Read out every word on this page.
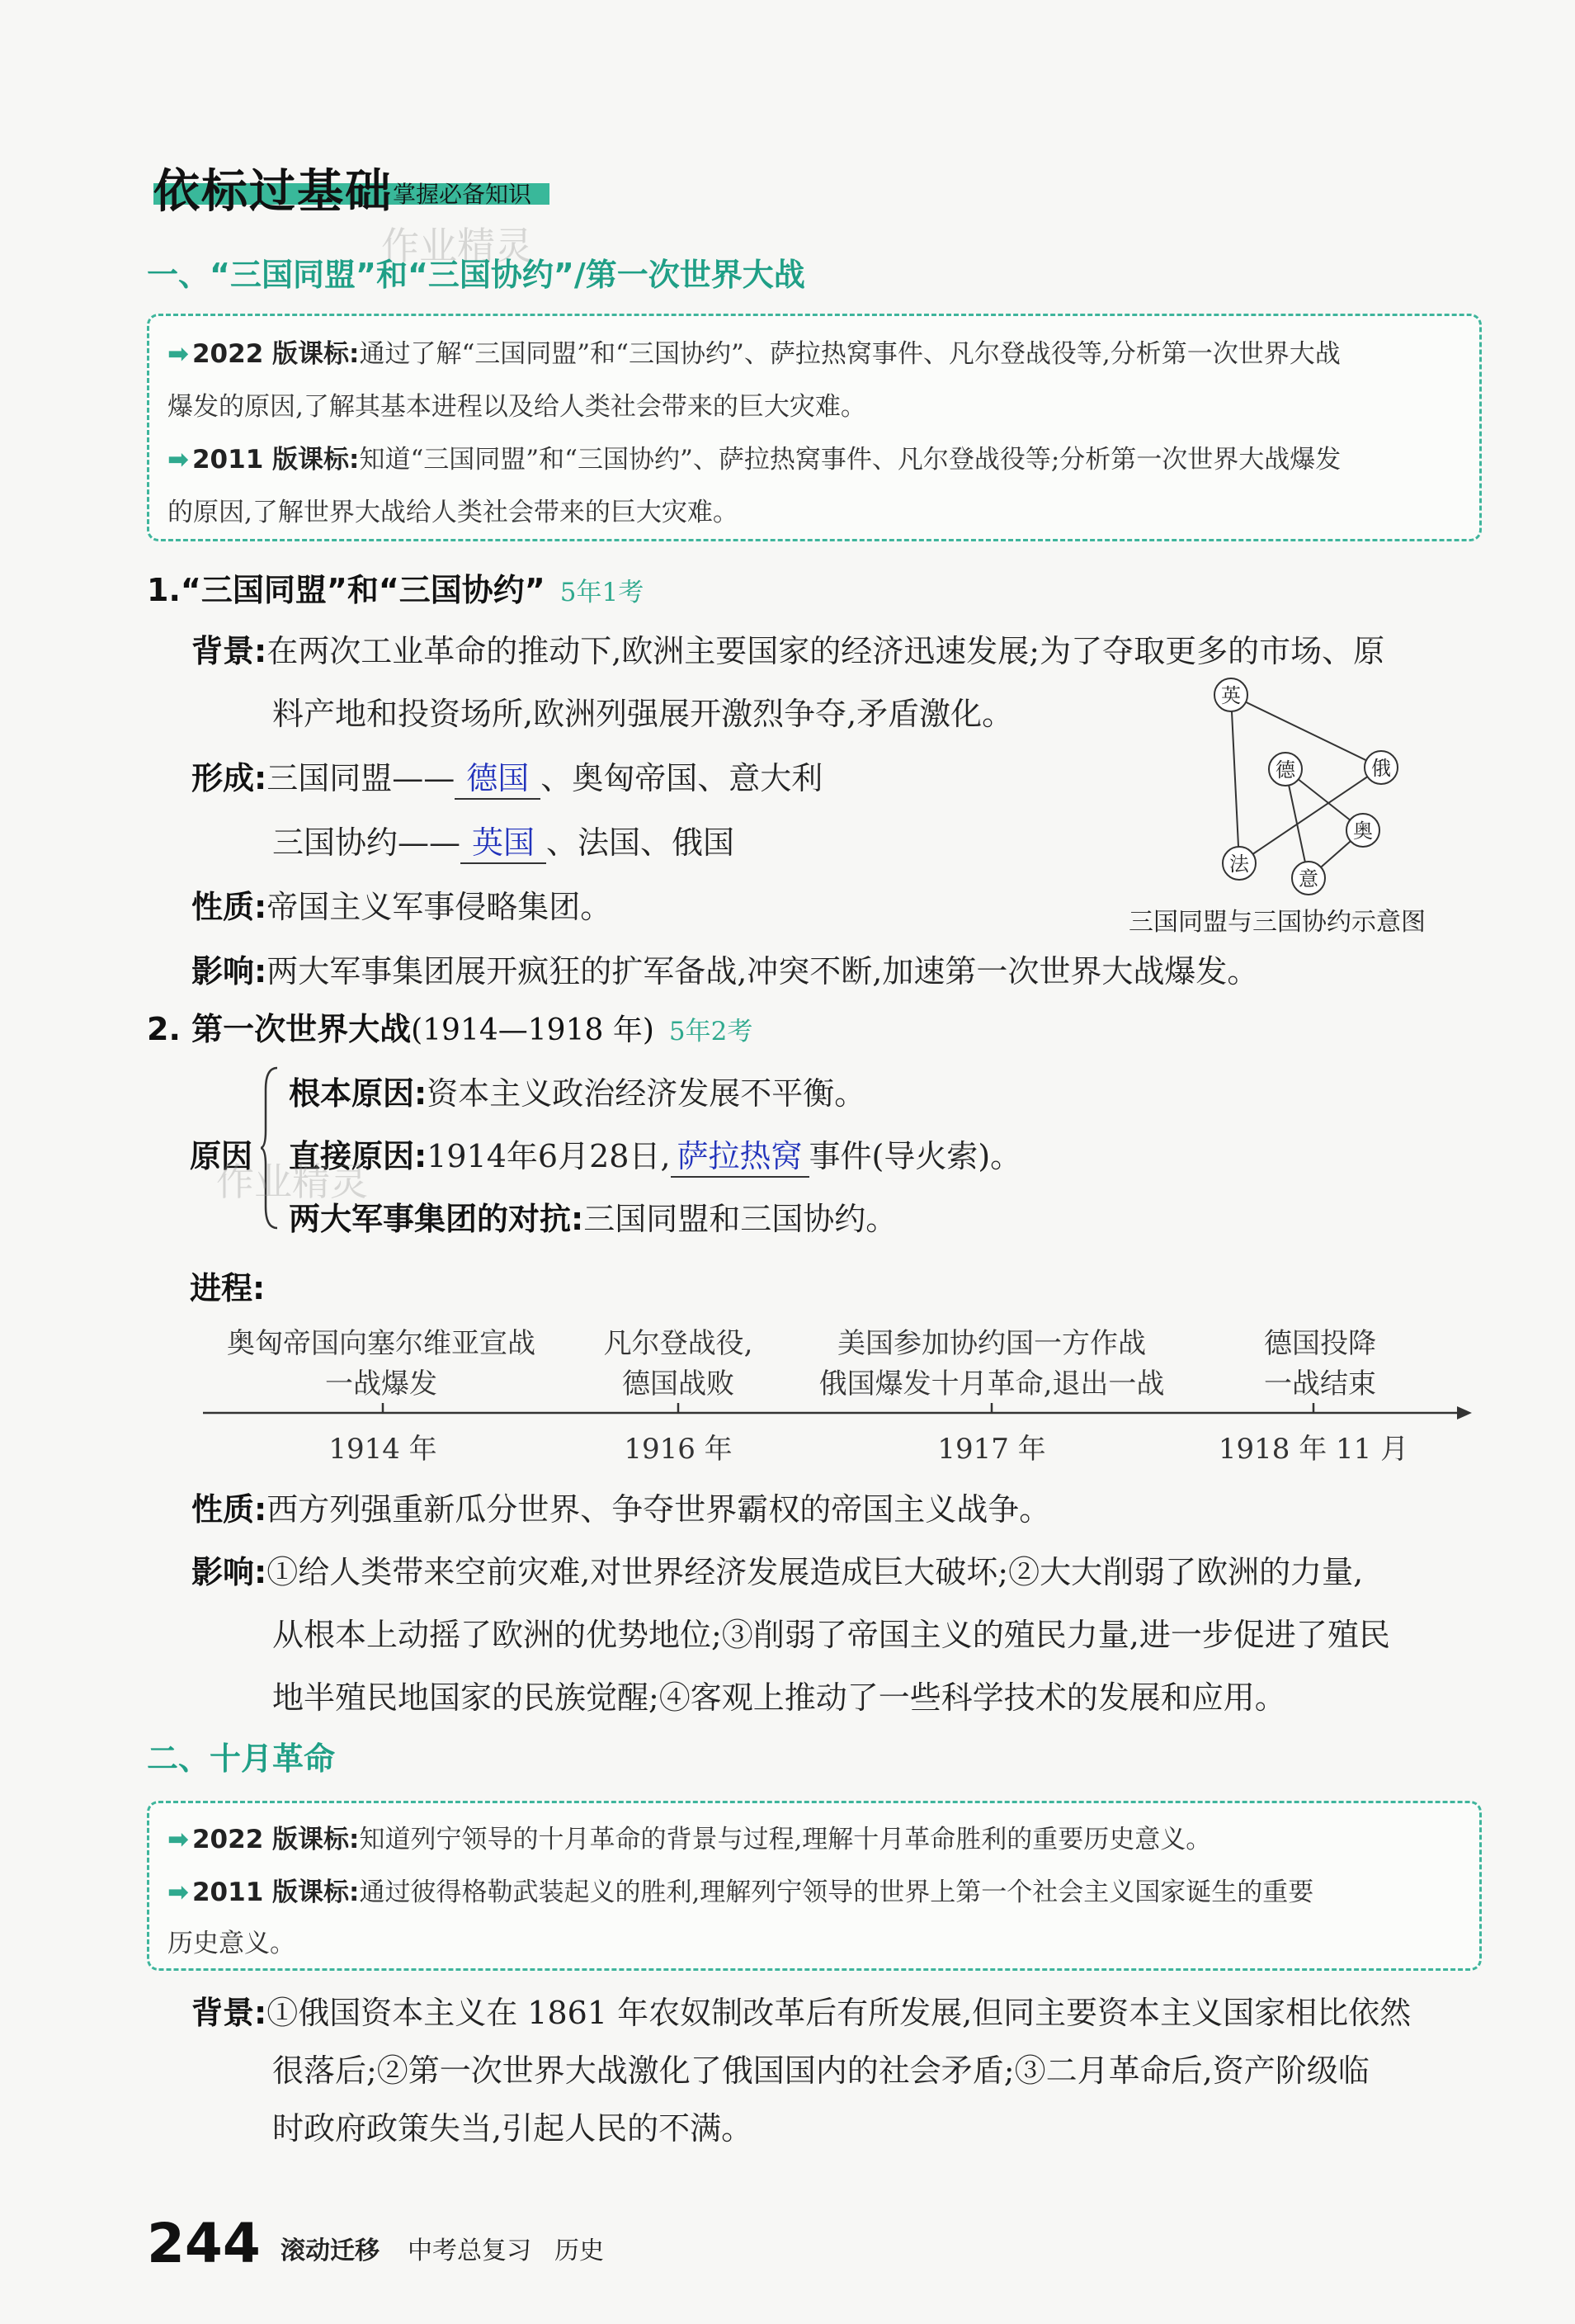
依标过基础 掌握必备知识
作业精灵
一、“三国同盟”和“三国协约”/第一次世界大战
➡ 2022 版课标:通过了解“三国同盟”和“三国协约”、萨拉热窝事件、凡尔登战役等,分析第一次世界大战
爆发的原因,了解其基本进程以及给人类社会带来的巨大灾难。
➡ 2011 版课标:知道“三国同盟”和“三国协约”、萨拉热窝事件、凡尔登战役等;分析第一次世界大战爆发
的原因,了解世界大战给人类社会带来的巨大灾难。
1.“三国同盟”和“三国协约” 5年1考
背景:在两次工业革命的推动下,欧洲主要国家的经济迅速发展;为了夺取更多的市场、原
料产地和投资场所,欧洲列强展开激烈争夺,矛盾激化。
形成:三国同盟—— 德国 、奥匈帝国、意大利
三国协约—— 英国 、法国、俄国
性质:帝国主义军事侵略集团。
影响:两大军事集团展开疯狂的扩军备战,冲突不断,加速第一次世界大战爆发。
英
德	俄
法
奥
意
三国同盟与三国协约示意图
2. 第一次世界大战(1914—1918 年) 5年2考
原因
根本原因:资本主义政治经济发展不平衡。
直接原因:1914年6月28日, 萨拉热窝 事件(导火索)。
两大军事集团的对抗:三国同盟和三国协约。
作业精灵
进程:
奥匈帝国向塞尔维亚宣战
一战爆发
凡尔登战役,
德国战败
美国参加协约国一方作战
俄国爆发十月革命,退出一战
德国投降
一战结束
1914 年	1916 年	1917 年	1918 年 11 月
性质:西方列强重新瓜分世界、争夺世界霸权的帝国主义战争。
影响:①给人类带来空前灾难,对世界经济发展造成巨大破坏;②大大削弱了欧洲的力量,
从根本上动摇了欧洲的优势地位;③削弱了帝国主义的殖民力量,进一步促进了殖民
地半殖民地国家的民族觉醒;④客观上推动了一些科学技术的发展和应用。
二、十月革命
➡ 2022 版课标:知道列宁领导的十月革命的背景与过程,理解十月革命胜利的重要历史意义。
➡ 2011 版课标:通过彼得格勒武装起义的胜利,理解列宁领导的世界上第一个社会主义国家诞生的重要
历史意义。
背景:①俄国资本主义在 1861 年农奴制改革后有所发展,但同主要资本主义国家相比依然
很落后;②第一次世界大战激化了俄国国内的社会矛盾;③二月革命后,资产阶级临
时政府政策失当,引起人民的不满。
244 滚动迁移 中考总复习 历史
